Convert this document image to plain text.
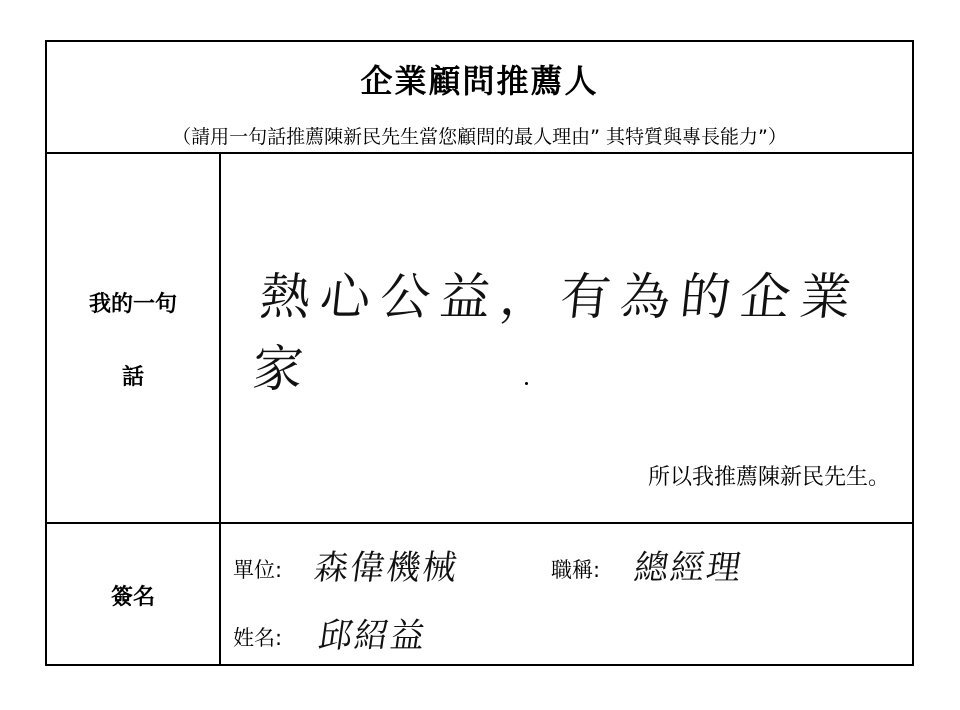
企業顧問推薦人
（請用一句話推薦陳新民先生當您顧問的最人理由” 其特質與專長能力”）
我的一句
話
熱心公益，有為的企業家
所以我推薦陳新民先生。
簽名
單位: 森偉機械	職稱: 總經理
姓名: 邱紹益
